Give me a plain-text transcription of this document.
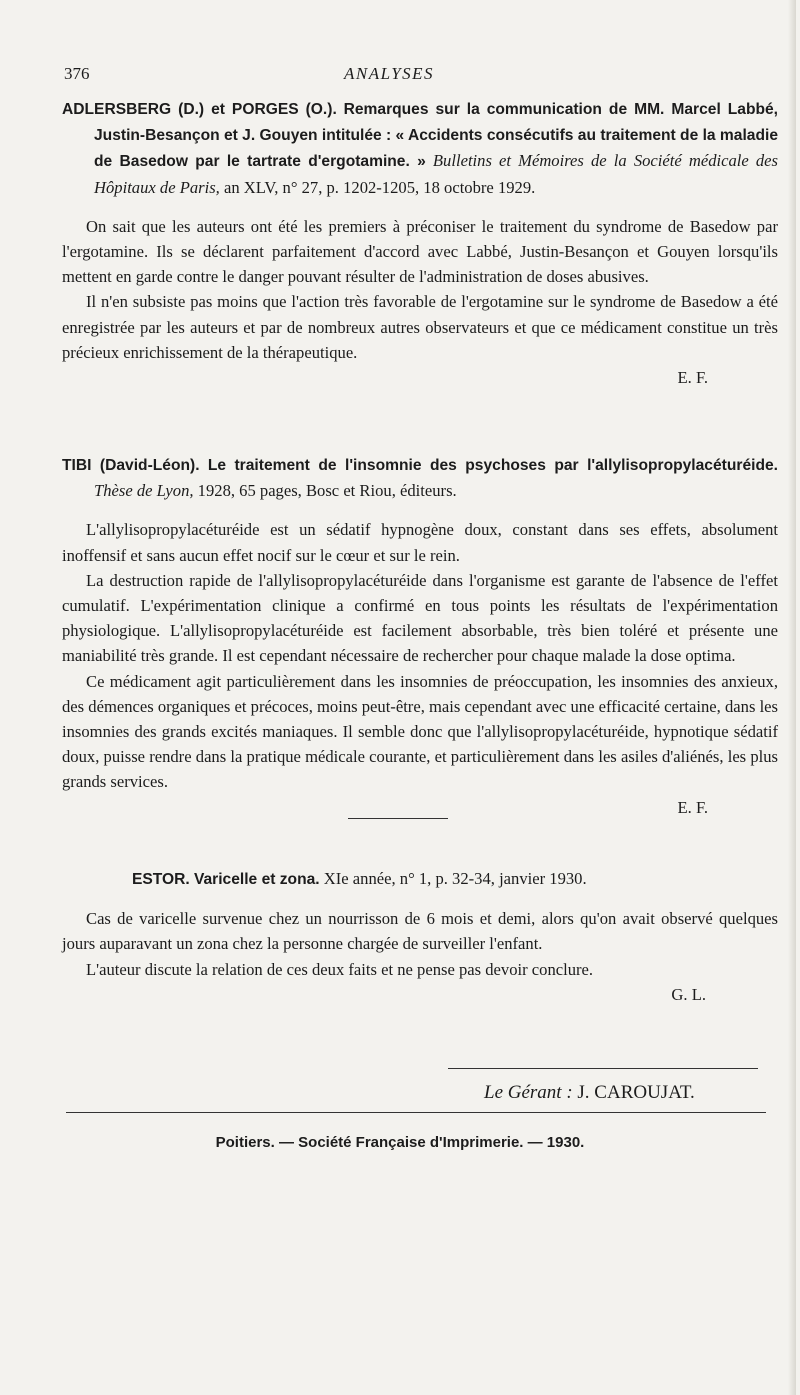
376	ANALYSES

ADLERSBERG (D.) et PORGES (O.). Remarques sur la communication de MM. Marcel Labbé, Justin-Besançon et J. Gouyen intitulée : « Accidents consécutifs au traitement de la maladie de Basedow par le tartrate d'ergotamine. » Bulletins et Mémoires de la Société médicale des Hôpitaux de Paris, an XLV, n° 27, p. 1202-1205, 18 octobre 1929.

On sait que les auteurs ont été les premiers à préconiser le traitement du syndrome de Basedow par l'ergotamine. Ils se déclarent parfaitement d'accord avec Labbé, Justin-Besançon et Gouyen lorsqu'ils mettent en garde contre le danger pouvant résulter de l'administration de doses abusives.

Il n'en subsiste pas moins que l'action très favorable de l'ergotamine sur le syndrome de Basedow a été enregistrée par les auteurs et par de nombreux autres observateurs et que ce médicament constitue un très précieux enrichissement de la thérapeutique.

E. F.

TIBI (David-Léon). Le traitement de l'insomnie des psychoses par l'allylisopropylacéturéide. Thèse de Lyon, 1928, 65 pages, Bosc et Riou, éditeurs.

L'allylisopropylacéturéide est un sédatif hypnogène doux, constant dans ses effets, absolument inoffensif et sans aucun effet nocif sur le cœur et sur le rein.

La destruction rapide de l'allylisopropylacéturéide dans l'organisme est garante de l'absence de l'effet cumulatif. L'expérimentation clinique a confirmé en tous points les résultats de l'expérimentation physiologique. L'allylisopropylacéturéide est facilement absorbable, très bien toléré et présente une maniabilité très grande. Il est cependant nécessaire de rechercher pour chaque malade la dose optima.

Ce médicament agit particulièrement dans les insomnies de préoccupation, les insomnies des anxieux, des démences organiques et précoces, moins peut-être, mais cependant avec une efficacité certaine, dans les insomnies des grands excités maniaques. Il semble donc que l'allylisopropylacéturéide, hypnotique sédatif doux, puisse rendre dans la pratique médicale courante, et particulièrement dans les asiles d'aliénés, les plus grands services.

E. F.

ESTOR. Varicelle et zona. XIe année, n° 1, p. 32-34, janvier 1930.

Cas de varicelle survenue chez un nourrisson de 6 mois et demi, alors qu'on avait observé quelques jours auparavant un zona chez la personne chargée de surveiller l'enfant.

L'auteur discute la relation de ces deux faits et ne pense pas devoir conclure.

G. L.
Le Gérant : J. CAROUJAT.
Poitiers. — Société Française d'Imprimerie. — 1930.
